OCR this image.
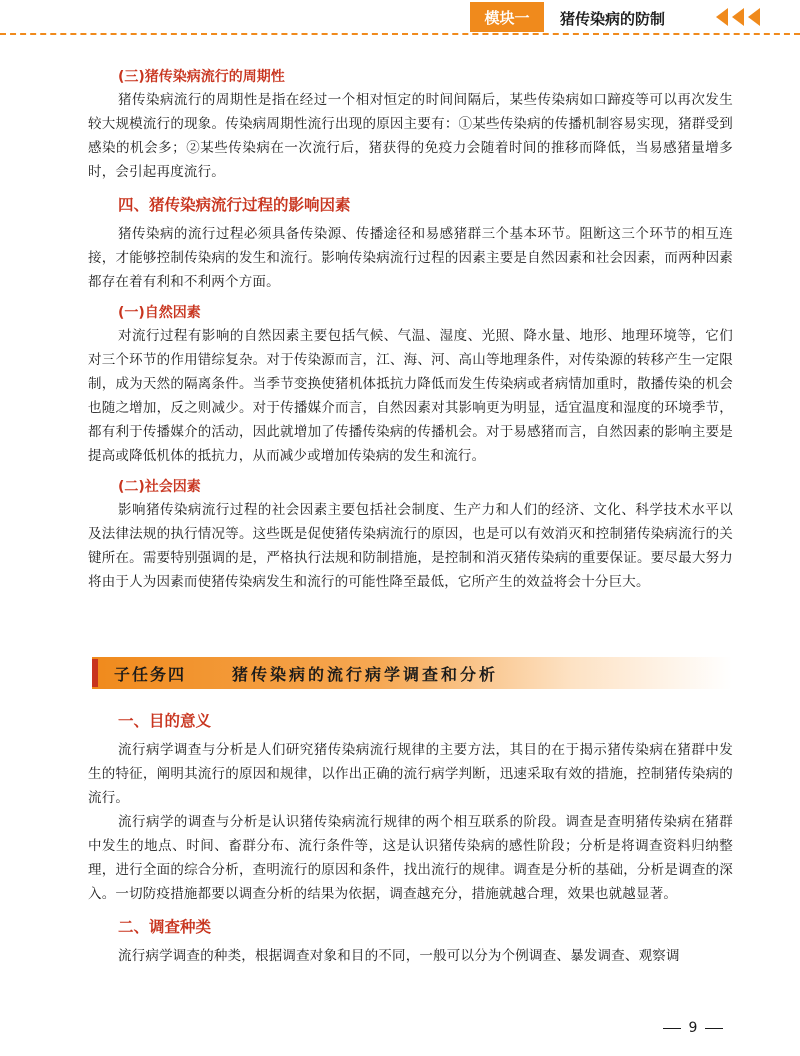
模块一	猪传染病的防制
(三)猪传染病流行的周期性
猪传染病流行的周期性是指在经过一个相对恒定的时间间隔后，某些传染病如口蹄疫等可以再次发生较大规模流行的现象。传染病周期性流行出现的原因主要有：①某些传染病的传播机制容易实现，猪群受到感染的机会多；②某些传染病在一次流行后，猪获得的免疫力会随着时间的推移而降低，当易感猪量增多时，会引起再度流行。
四、猪传染病流行过程的影响因素
猪传染病的流行过程必须具备传染源、传播途径和易感猪群三个基本环节。阻断这三个环节的相互连接，才能够控制传染病的发生和流行。影响传染病流行过程的因素主要是自然因素和社会因素，而两种因素都存在着有利和不利两个方面。
(一)自然因素
对流行过程有影响的自然因素主要包括气候、气温、湿度、光照、降水量、地形、地理环境等，它们对三个环节的作用错综复杂。对于传染源而言，江、海、河、高山等地理条件，对传染源的转移产生一定限制，成为天然的隔离条件。当季节变换使猪机体抵抗力降低而发生传染病或者病情加重时，散播传染的机会也随之增加，反之则减少。对于传播媒介而言，自然因素对其影响更为明显，适宜温度和湿度的环境季节，都有利于传播媒介的活动，因此就增加了传播传染病的传播机会。对于易感猪而言，自然因素的影响主要是提高或降低机体的抵抗力，从而减少或增加传染病的发生和流行。
(二)社会因素
影响猪传染病流行过程的社会因素主要包括社会制度、生产力和人们的经济、文化、科学技术水平以及法律法规的执行情况等。这些既是促使猪传染病流行的原因，也是可以有效消灭和控制猪传染病流行的关键所在。需要特别强调的是，严格执行法规和防制措施，是控制和消灭猪传染病的重要保证。要尽最大努力将由于人为因素而使猪传染病发生和流行的可能性降至最低，它所产生的效益将会十分巨大。
子任务四	猪传染病的流行病学调查和分析
一、目的意义
流行病学调查与分析是人们研究猪传染病流行规律的主要方法，其目的在于揭示猪传染病在猪群中发生的特征，阐明其流行的原因和规律，以作出正确的流行病学判断，迅速采取有效的措施，控制猪传染病的流行。
流行病学的调查与分析是认识猪传染病流行规律的两个相互联系的阶段。调查是查明猪传染病在猪群中发生的地点、时间、畜群分布、流行条件等，这是认识猪传染病的感性阶段；分析是将调查资料归纳整理，进行全面的综合分析，查明流行的原因和条件，找出流行的规律。调查是分析的基础，分析是调查的深入。一切防疫措施都要以调查分析的结果为依据，调查越充分，措施就越合理，效果也就越显著。
二、调查种类
流行病学调查的种类，根据调查对象和目的不同，一般可以分为个例调查、暴发调查、观察调
9
